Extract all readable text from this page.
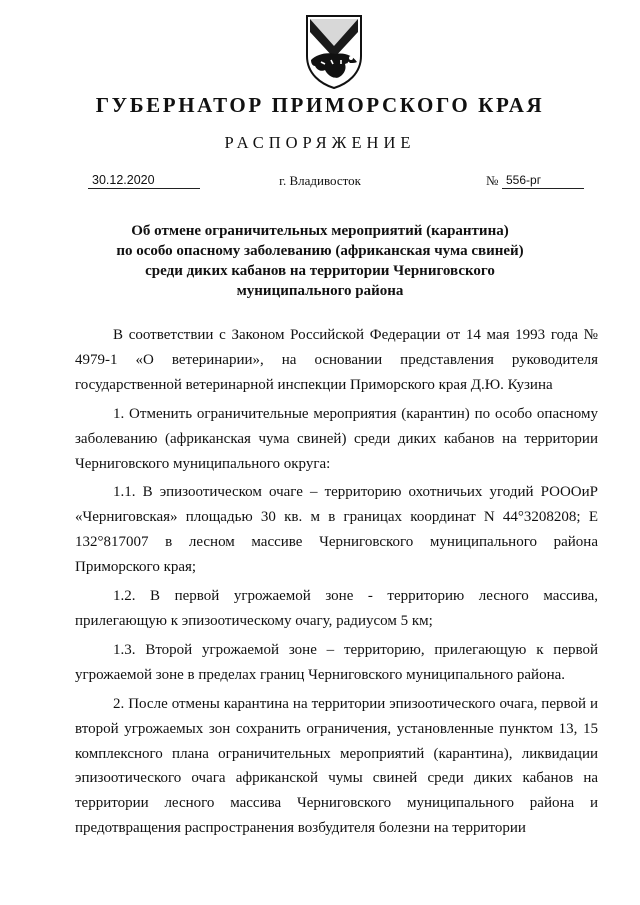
ГУБЕРНАТОР ПРИМОРСКОГО КРАЯ
РАСПОРЯЖЕНИЕ
30.12.2020	г. Владивосток	№ 556-рг
Об отмене ограничительных мероприятий (карантина)
по особо опасному заболеванию (африканская чума свиней)
среди диких кабанов на территории Черниговского
муниципального района

В соответствии с Законом Российской Федерации от 14 мая 1993 года № 4979-1 «О ветеринарии», на основании представления руководителя государственной ветеринарной инспекции Приморского края Д.Ю. Кузина

1. Отменить ограничительные мероприятия (карантин) по особо опасному заболеванию (африканская чума свиней) среди диких кабанов на территории Черниговского муниципального округа:

1.1. В эпизоотическом очаге – территорию охотничьих угодий РОООиР «Черниговская» площадью 30 кв. м в границах координат N 44°3208208; Е 132°817007 в лесном массиве Черниговского муниципального района Приморского края;

1.2. В первой угрожаемой зоне - территорию лесного массива, прилегающую к эпизоотическому очагу, радиусом 5 км;

1.3. Второй угрожаемой зоне – территорию, прилегающую к первой угрожаемой зоне в пределах границ Черниговского муниципального района.

2. После отмены карантина на территории эпизоотического очага, первой и второй угрожаемых зон сохранить ограничения, установленные пунктом 13, 15 комплексного плана ограничительных мероприятий (карантина), ликвидации эпизоотического очага африканской чумы свиней среди диких кабанов на территории лесного массива Черниговского муниципального района и предотвращения распространения возбудителя болезни на территории
